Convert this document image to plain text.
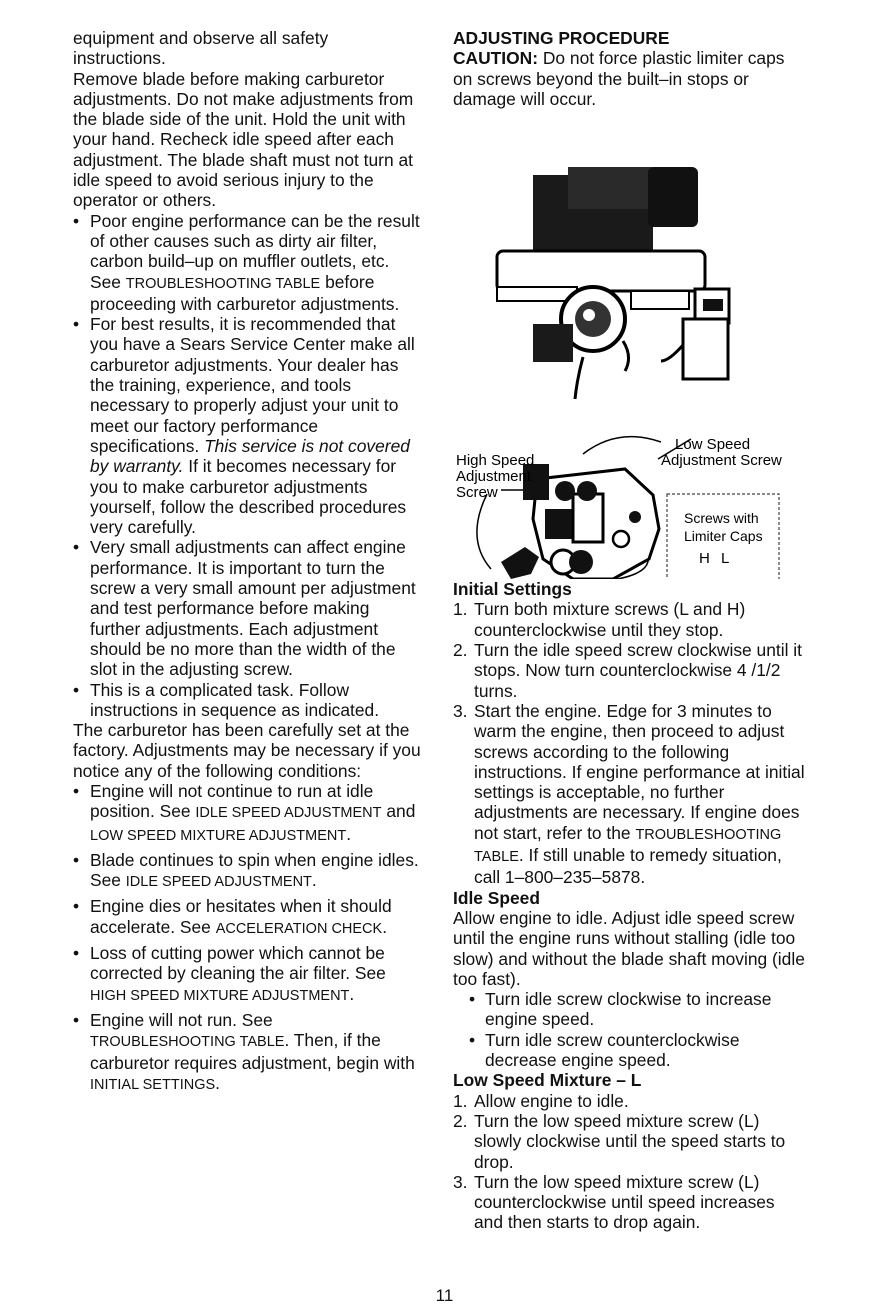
equipment and observe all safety instructions.

Remove blade before making carburetor adjustments. Do not make adjustments from the blade side of the unit. Hold the unit with your hand. Recheck idle speed after each adjustment. The blade shaft must not turn at idle speed to avoid serious injury to the operator or others.

• Poor engine performance can be the result of other causes such as dirty air filter, carbon build–up on muffler outlets, etc. See TROUBLESHOOTING TABLE before proceeding with carburetor adjustments.

• For best results, it is recommended that you have a Sears Service Center make all carburetor adjustments. Your dealer has the training, experience, and tools necessary to properly adjust your unit to meet our factory performance specifications. This service is not covered by warranty. If it becomes necessary for you to make carburetor adjustments yourself, follow the described procedures very carefully.

• Very small adjustments can affect engine performance. It is important to turn the screw a very small amount per adjustment and test performance before making further adjustments. Each adjustment should be no more than the width of the slot in the adjusting screw.

• This is a complicated task. Follow instructions in sequence as indicated.

The carburetor has been carefully set at the factory. Adjustments may be necessary if you notice any of the following conditions:

• Engine will not continue to run at idle position. See IDLE SPEED ADJUSTMENT and LOW SPEED MIXTURE ADJUSTMENT.

• Blade continues to spin when engine idles. See IDLE SPEED ADJUSTMENT.

• Engine dies or hesitates when it should accelerate. See ACCELERATION CHECK.

• Loss of cutting power which cannot be corrected by cleaning the air filter. See HIGH SPEED MIXTURE ADJUSTMENT.

• Engine will not run. See TROUBLESHOOTING TABLE. Then, if the carburetor requires adjustment, begin with INITIAL SETTINGS.

ADJUSTING PROCEDURE

CAUTION: Do not force plastic limiter caps on screws beyond the built–in stops or damage will occur.

High Speed
Adjustment
Screw
Low Speed
Adjustment Screw
Screws with
Limiter Caps
H L
Initial Settings

1. Turn both mixture screws (L and H) counterclockwise until they stop.

2. Turn the idle speed screw clockwise until it stops. Now turn counterclockwise 4 /1/2 turns.

3. Start the engine. Edge for 3 minutes to warm the engine, then proceed to adjust screws according to the following instructions. If engine performance at initial settings is acceptable, no further adjustments are necessary. If engine does not start, refer to the TROUBLESHOOTING TABLE. If still unable to remedy situation, call 1–800–235–5878.

Idle Speed

Allow engine to idle. Adjust idle speed screw until the engine runs without stalling (idle too slow) and without the blade shaft moving (idle too fast).

• Turn idle screw clockwise to increase engine speed.

• Turn idle screw counterclockwise decrease engine speed.

Low Speed Mixture – L

1. Allow engine to idle.

2. Turn the low speed mixture screw (L) slowly clockwise until the speed starts to drop.

3. Turn the low speed mixture screw (L) counterclockwise until speed increases and then starts to drop again.

11
